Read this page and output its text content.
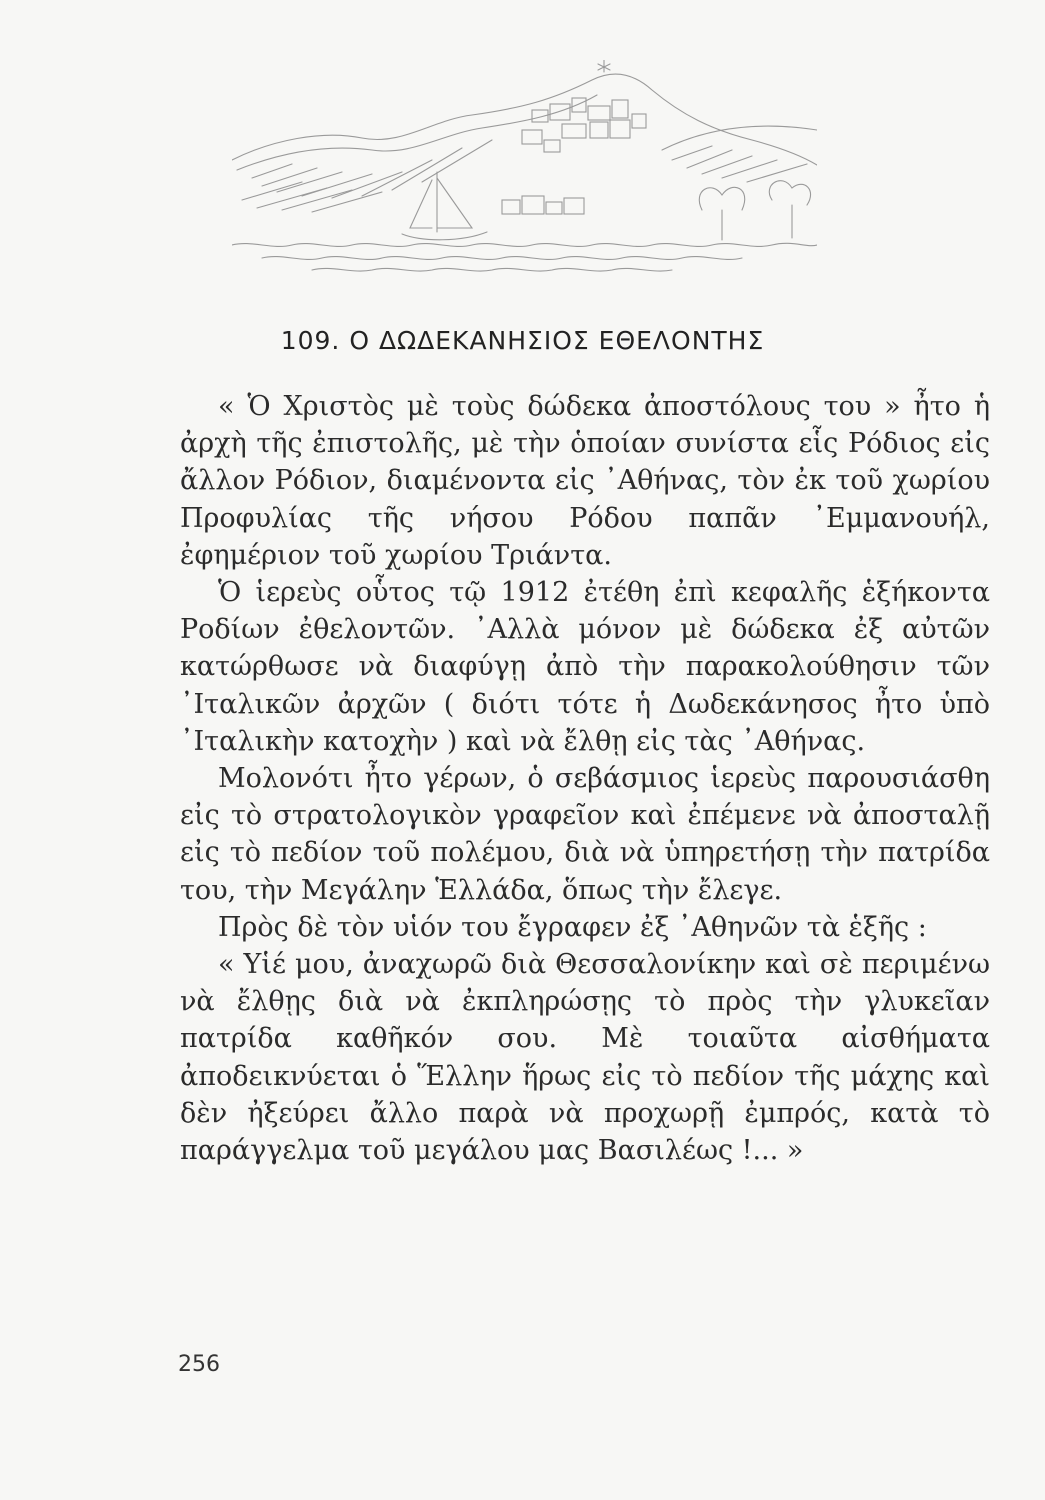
109. Ο ΔΩΔΕΚΑΝΗΣΙΟΣ ΕΘΕΛΟΝΤΗΣ

« Ὁ Χριστὸς μὲ τοὺς δώδεκα ἀποστόλους του » ἦτο ἡ ἀρχὴ τῆς ἐπιστολῆς, μὲ τὴν ὁποίαν συνίστα εἷς Ρόδιος εἰς ἄλλον Ρόδιον, διαμένοντα εἰς ᾿Αθήνας, τὸν ἐκ τοῦ χωρίου Προφυλίας τῆς νήσου Ρόδου παπᾶν ᾿Εμμανουήλ, ἐφημέριον τοῦ χωρίου Τριάντα.

Ὁ ἱερεὺς οὗτος τῷ 1912 ἐτέθη ἐπὶ κεφαλῆς ἑξήκοντα Ροδίων ἐθελοντῶν. ᾿Αλλὰ μόνον μὲ δώδεκα ἐξ αὐτῶν κατώρθωσε νὰ διαφύγῃ ἀπὸ τὴν παρακολούθησιν τῶν ᾿Ιταλικῶν ἀρχῶν ( διότι τότε ἡ Δωδεκάνησος ἦτο ὑπὸ ᾿Ιταλικὴν κατοχὴν ) καὶ νὰ ἔλθῃ εἰς τὰς ᾿Αθήνας.

Μολονότι ἦτο γέρων, ὁ σεβάσμιος ἱερεὺς παρουσιάσθη εἰς τὸ στρατολογικὸν γραφεῖον καὶ ἐπέμενε νὰ ἀποσταλῇ εἰς τὸ πεδίον τοῦ πολέμου, διὰ νὰ ὑπηρετήσῃ τὴν πατρίδα του, τὴν Μεγάλην Ἑλλάδα, ὅπως τὴν ἔλεγε.

Πρὸς δὲ τὸν υἱόν του ἔγραφεν ἐξ ᾿Αθηνῶν τὰ ἑξῆς :

« Υἱέ μου, ἀναχωρῶ διὰ Θεσσαλονίκην καὶ σὲ περιμένω νὰ ἔλθῃς διὰ νὰ ἐκπληρώσῃς τὸ πρὸς τὴν γλυκεῖαν πατρίδα καθῆκόν σου. Μὲ τοιαῦτα αἰσθήματα ἀποδεικνύεται ὁ Ἕλλην ἥρως εἰς τὸ πεδίον τῆς μάχης καὶ δὲν ἠξεύρει ἄλλο παρὰ νὰ προχωρῇ ἐμπρός, κατὰ τὸ παράγγελμα τοῦ μεγάλου μας Βασιλέως !... »

256
